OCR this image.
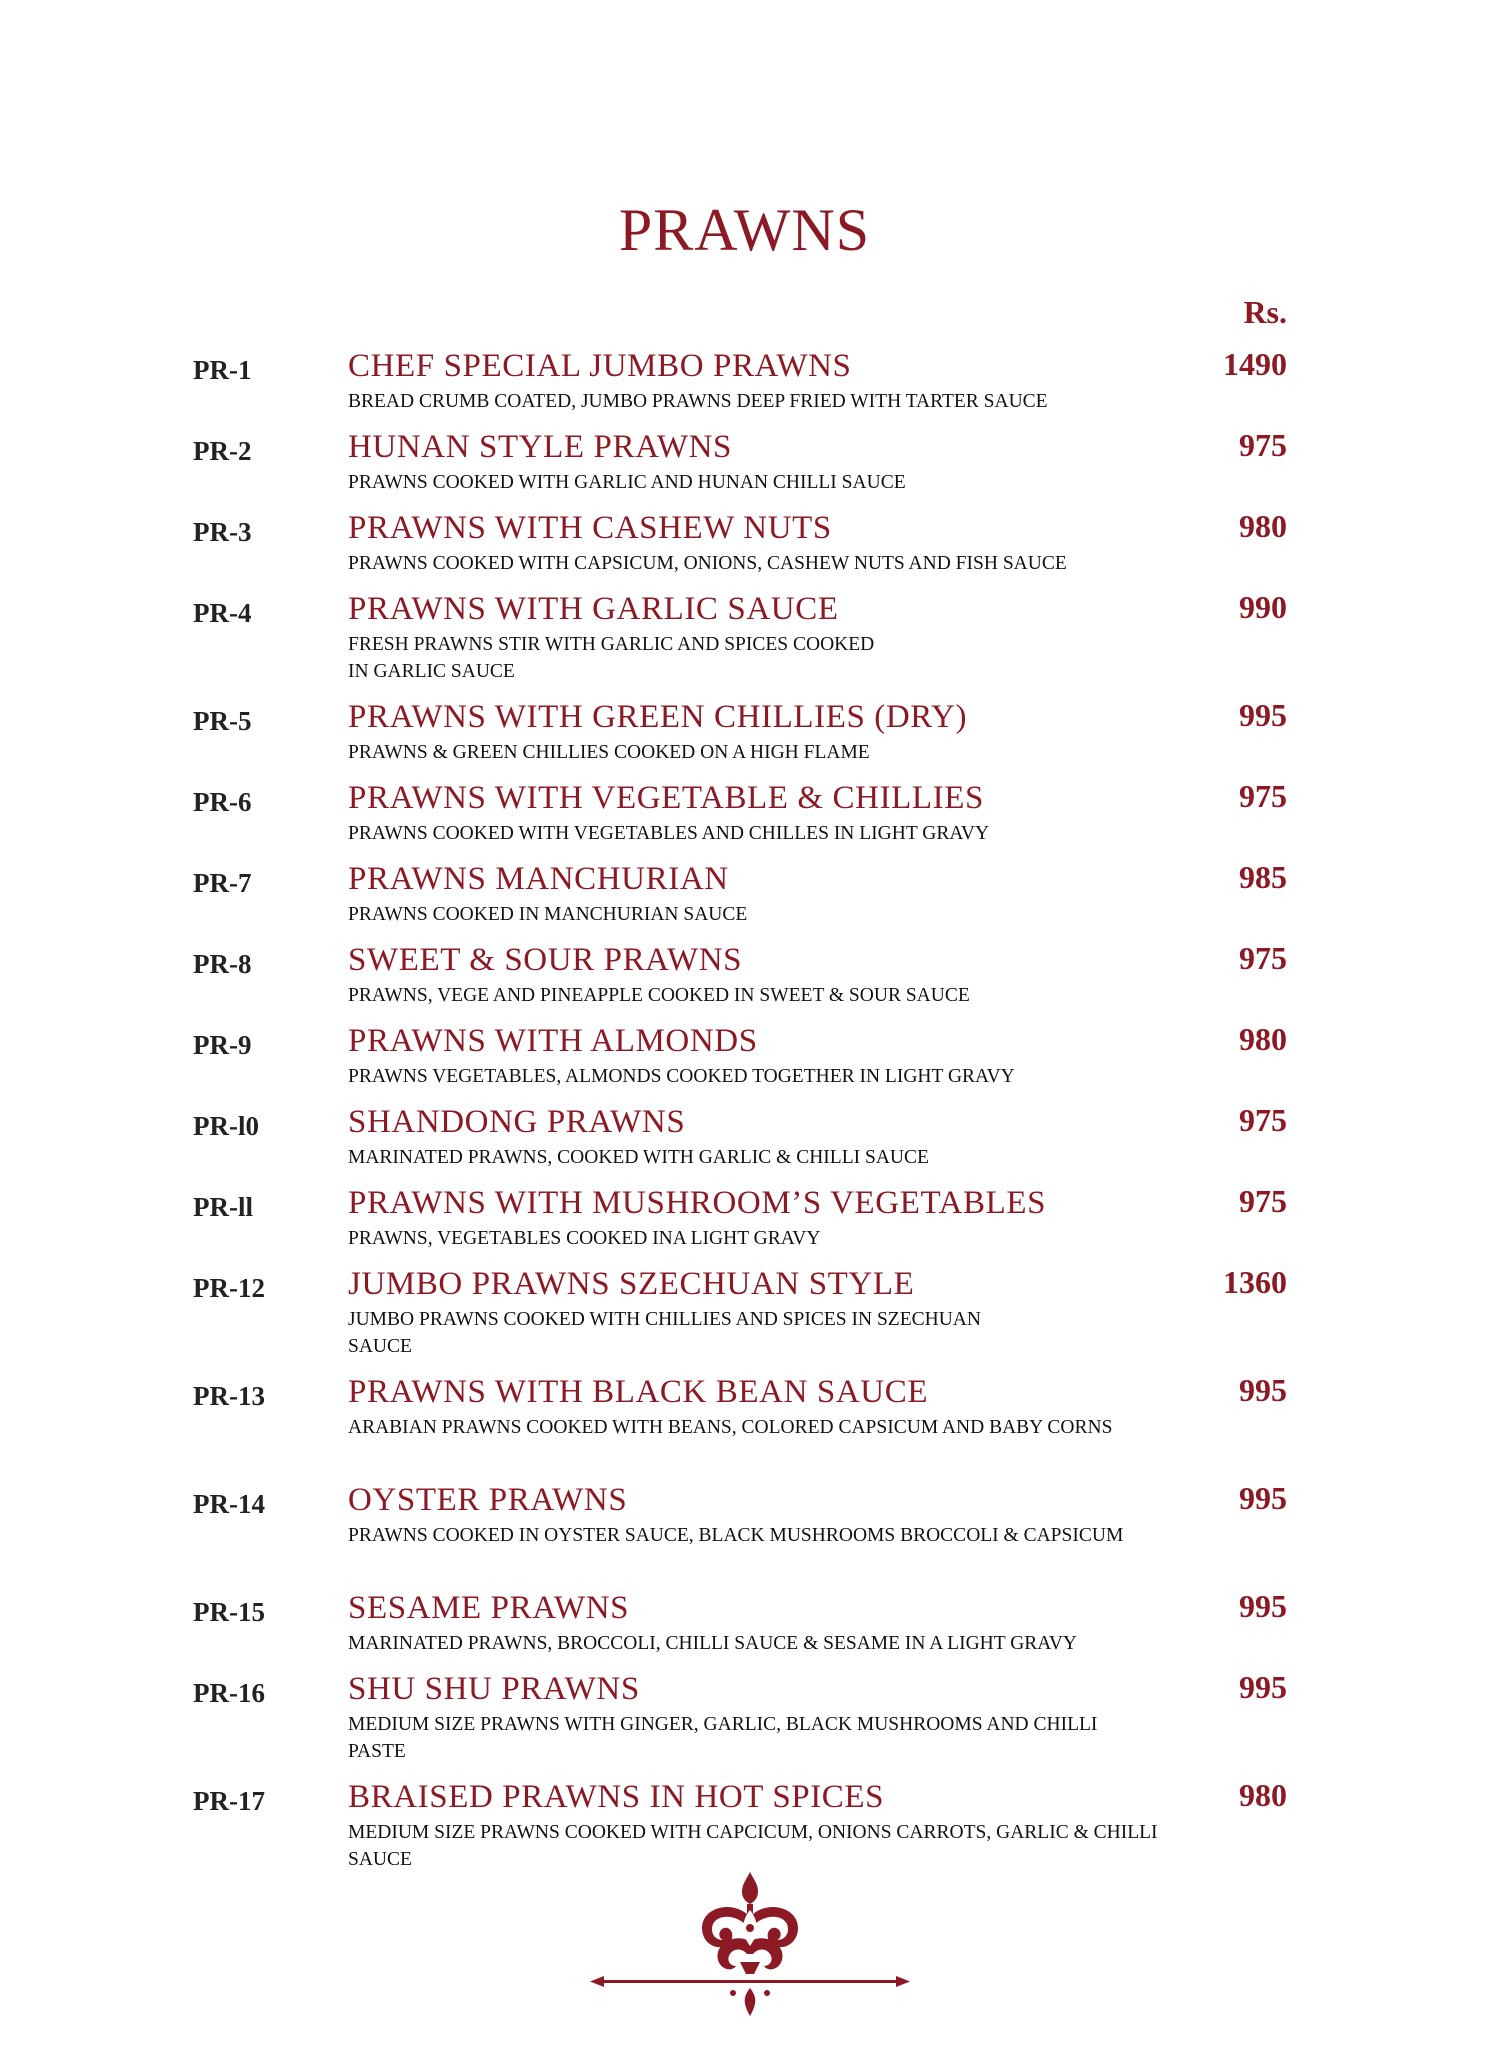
PRAWNS
Rs.
PR-1	CHEF SPECIAL JUMBO PRAWNS
BREAD CRUMB COATED, JUMBO PRAWNS DEEP FRIED WITH TARTER SAUCE
1490
PR-2	HUNAN STYLE PRAWNS
PRAWNS COOKED WITH GARLIC AND HUNAN CHILLI SAUCE
975
PR-3	PRAWNS WITH CASHEW NUTS
PRAWNS COOKED WITH CAPSICUM, ONIONS, CASHEW NUTS AND FISH SAUCE
980
PR-4	PRAWNS WITH GARLIC SAUCE
FRESH PRAWNS STIR WITH GARLIC AND SPICES COOKED IN GARLIC SAUCE
990
PR-5	PRAWNS WITH GREEN CHILLIES (DRY)
PRAWNS & GREEN CHILLIES COOKED ON A HIGH FLAME
995
PR-6	PRAWNS WITH VEGETABLE & CHILLIES
PRAWNS COOKED WITH VEGETABLES AND CHILLES IN LIGHT GRAVY
975
PR-7	PRAWNS MANCHURIAN
PRAWNS COOKED IN MANCHURIAN SAUCE
985
PR-8	SWEET & SOUR PRAWNS
PRAWNS, VEGE AND PINEAPPLE COOKED IN SWEET & SOUR SAUCE
975
PR-9	PRAWNS WITH ALMONDS
PRAWNS VEGETABLES, ALMONDS COOKED TOGETHER IN LIGHT GRAVY
980
PR-l0	SHANDONG PRAWNS
MARINATED PRAWNS, COOKED WITH GARLIC & CHILLI SAUCE
975
PR-ll	PRAWNS WITH MUSHROOM’S VEGETABLES
PRAWNS, VEGETABLES COOKED INA LIGHT GRAVY
975
PR-12	JUMBO PRAWNS SZECHUAN STYLE
JUMBO PRAWNS COOKED WITH CHILLIES AND SPICES IN SZECHUAN SAUCE
1360
PR-13	PRAWNS WITH BLACK BEAN SAUCE
ARABIAN PRAWNS COOKED WITH BEANS, COLORED CAPSICUM AND BABY CORNS
995
PR-14	OYSTER PRAWNS
PRAWNS COOKED IN OYSTER SAUCE, BLACK MUSHROOMS BROCCOLI & CAPSICUM
995
PR-15	SESAME PRAWNS
MARINATED PRAWNS, BROCCOLI, CHILLI SAUCE & SESAME IN A LIGHT GRAVY
995
PR-16	SHU SHU PRAWNS
MEDIUM SIZE PRAWNS WITH GINGER, GARLIC, BLACK MUSHROOMS AND CHILLI PASTE
995
PR-17	BRAISED PRAWNS IN HOT SPICES
MEDIUM SIZE PRAWNS COOKED WITH CAPCICUM, ONIONS CARROTS, GARLIC & CHILLI SAUCE
980
